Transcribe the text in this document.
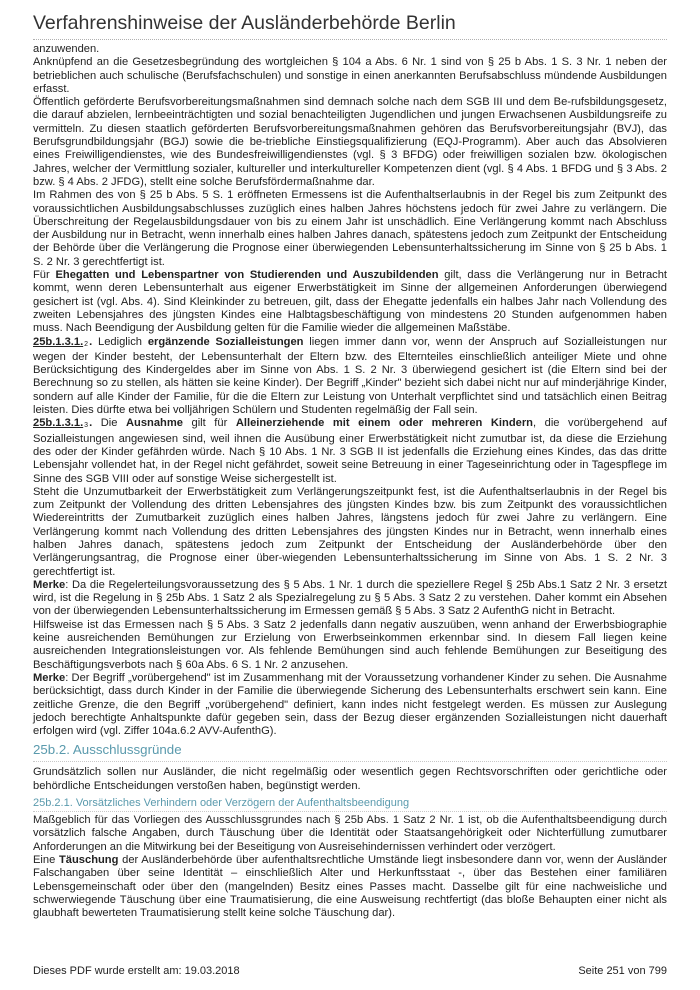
Verfahrenshinweise der Ausländerbehörde Berlin

anzuwenden.

Anknüpfend an die Gesetzesbegründung des wortgleichen § 104 a Abs. 6 Nr. 1 sind von § 25 b Abs. 1 S. 3 Nr. 1 neben der betrieblichen auch schulische (Berufsfachschulen) und sonstige in einen anerkannten Berufsabschluss mündende Ausbildungen erfasst.

Öffentlich geförderte Berufsvorbereitungsmaßnahmen sind demnach solche nach dem SGB III und dem Be-rufsbildungsgesetz, die darauf abzielen, lernbeeinträchtigten und sozial benachteiligten Jugendlichen und jungen Erwachsenen Ausbildungsreife zu vermitteln. Zu diesen staatlich geförderten Berufsvorbereitungsmaßnahmen gehören das Berufsvorbereitungsjahr (BVJ), das Berufsgrundbildungsjahr (BGJ) sowie die be-triebliche Einstiegsqualifizierung (EQJ-Programm). Aber auch das Absolvieren eines Freiwilligendienstes, wie des Bundesfreiwilligendienstes (vgl. § 3 BFDG) oder freiwilligen sozialen bzw. ökologischen Jahres, welcher der Vermittlung sozialer, kultureller und interkultureller Kompetenzen dient (vgl. § 4 Abs. 1 BFDG und § 3 Abs. 2 bzw. § 4 Abs. 2 JFDG), stellt eine solche Berufsfördermaßnahme dar.

Im Rahmen des von § 25 b Abs. 5 S. 1 eröffneten Ermessens ist die Aufenthaltserlaubnis in der Regel bis zum Zeitpunkt des voraussichtlichen Ausbildungsabschlusses zuzüglich eines halben Jahres höchstens jedoch für zwei Jahre zu verlängern. Die Überschreitung der Regelausbildungsdauer von bis zu einem Jahr ist unschädlich. Eine Verlängerung kommt nach Abschluss der Ausbildung nur in Betracht, wenn innerhalb eines halben Jahres danach, spätestens jedoch zum Zeitpunkt der Entscheidung der Behörde über die Verlängerung die Prognose einer überwiegenden Lebensunterhaltssicherung im Sinne von § 25 b Abs. 1 S. 2 Nr. 3 gerechtfertigt ist.

Für Ehegatten und Lebenspartner von Studierenden und Auszubildenden gilt, dass die Verlängerung nur in Betracht kommt, wenn deren Lebensunterhalt aus eigener Erwerbstätigkeit im Sinne der allgemeinen Anforderungen überwiegend gesichert ist (vgl. Abs. 4). Sind Kleinkinder zu betreuen, gilt, dass der Ehegatte jedenfalls ein halbes Jahr nach Vollendung des zweiten Lebensjahres des jüngsten Kindes eine Halbtagsbeschäftigung von mindestens 20 Stunden aufgenommen haben muss. Nach Beendigung der Ausbildung gelten für die Familie wieder die allgemeinen Maßstäbe.

25b.1.3.1.2. Lediglich ergänzende Sozialleistungen liegen immer dann vor, wenn der Anspruch auf Sozialleistungen nur wegen der Kinder besteht, der Lebensunterhalt der Eltern bzw. des Elternteiles einschließlich anteiliger Miete und ohne Berücksichtigung des Kindergeldes aber im Sinne von Abs. 1 S. 2 Nr. 3 überwiegend gesichert ist (die Eltern sind bei der Berechnung so zu stellen, als hätten sie keine Kinder). Der Begriff „Kinder" bezieht sich dabei nicht nur auf minderjährige Kinder, sondern auf alle Kinder der Familie, für die die Eltern zur Leistung von Unterhalt verpflichtet sind und tatsächlich einen Beitrag leisten. Dies dürfte etwa bei volljährigen Schülern und Studenten regelmäßig der Fall sein.

25b.1.3.1.3. Die Ausnahme gilt für Alleinerziehende mit einem oder mehreren Kindern, die vorübergehend auf Sozialleistungen angewiesen sind, weil ihnen die Ausübung einer Erwerbstätigkeit nicht zumutbar ist, da diese die Erziehung des oder der Kinder gefährden würde. Nach § 10 Abs. 1 Nr. 3 SGB II ist jedenfalls die Erziehung eines Kindes, das das dritte Lebensjahr vollendet hat, in der Regel nicht gefährdet, soweit seine Betreuung in einer Tageseinrichtung oder in Tagespflege im Sinne des SGB VIII oder auf sonstige Weise sichergestellt ist.

Steht die Unzumutbarkeit der Erwerbstätigkeit zum Verlängerungszeitpunkt fest, ist die Aufenthaltserlaubnis in der Regel bis zum Zeitpunkt der Vollendung des dritten Lebensjahres des jüngsten Kindes bzw. bis zum Zeitpunkt des voraussichtlichen Wiedereintritts der Zumutbarkeit zuzüglich eines halben Jahres, längstens jedoch für zwei Jahre zu verlängern. Eine Verlängerung kommt nach Vollendung des dritten Lebensjahres des jüngsten Kindes nur in Betracht, wenn innerhalb eines halben Jahres danach, spätestens jedoch zum Zeitpunkt der Entscheidung der Ausländerbehörde über den Verlängerungsantrag, die Prognose einer über-wiegenden Lebensunterhaltssicherung im Sinne von Abs. 1 S. 2 Nr. 3 gerechtfertigt ist.

Merke: Da die Regelerteilungsvoraussetzung des § 5 Abs. 1 Nr. 1 durch die speziellere Regel § 25b Abs.1 Satz 2 Nr. 3 ersetzt wird, ist die Regelung in § 25b Abs. 1 Satz 2 als Spezialregelung zu § 5 Abs. 3 Satz 2 zu verstehen. Daher kommt ein Absehen von der überwiegenden Lebensunterhaltssicherung im Ermessen gemäß § 5 Abs. 3 Satz 2 AufenthG nicht in Betracht.

Hilfsweise ist das Ermessen nach § 5 Abs. 3 Satz 2 jedenfalls dann negativ auszuüben, wenn anhand der Erwerbsbiographie keine ausreichenden Bemühungen zur Erzielung von Erwerbseinkommen erkennbar sind. In diesem Fall liegen keine ausreichenden Integrationsleistungen vor. Als fehlende Bemühungen sind auch fehlende Bemühungen zur Beseitigung des Beschäftigungsverbots nach § 60a Abs. 6 S. 1 Nr. 2 anzusehen.

Merke: Der Begriff „vorübergehend" ist im Zusammenhang mit der Voraussetzung vorhandener Kinder zu sehen. Die Ausnahme berücksichtigt, dass durch Kinder in der Familie die überwiegende Sicherung des Lebensunterhalts erschwert sein kann. Eine zeitliche Grenze, die den Begriff „vorübergehend" definiert, kann indes nicht festgelegt werden. Es müssen zur Auslegung jedoch berechtigte Anhaltspunkte dafür gegeben sein, dass der Bezug dieser ergänzenden Sozialleistungen nicht dauerhaft erfolgen wird (vgl. Ziffer 104a.6.2 AVV-AufenthG).

25b.2. Ausschlussgründe

Grundsätzlich sollen nur Ausländer, die nicht regelmäßig oder wesentlich gegen Rechtsvorschriften oder gerichtliche oder behördliche Entscheidungen verstoßen haben, begünstigt werden.

25b.2.1. Vorsätzliches Verhindern oder Verzögern der Aufenthaltsbeendigung

Maßgeblich für das Vorliegen des Ausschlussgrundes nach § 25b Abs. 1 Satz 2 Nr. 1 ist, ob die Aufenthaltsbeendigung durch vorsätzlich falsche Angaben, durch Täuschung über die Identität oder Staatsangehörigkeit oder Nichterfüllung zumutbarer Anforderungen an die Mitwirkung bei der Beseitigung von Ausreisehindernissen verhindert oder verzögert.

Eine Täuschung der Ausländerbehörde über aufenthaltsrechtliche Umstände liegt insbesondere dann vor, wenn der Ausländer Falschangaben über seine Identität – einschließlich Alter und Herkunftsstaat -, über das Bestehen einer familiären Lebensgemeinschaft oder über den (mangelnden) Besitz eines Passes macht. Dasselbe gilt für eine nachweisliche und schwerwiegende Täuschung über eine Traumatisierung, die eine Ausweisung rechtfertigt (das bloße Behaupten einer nicht als glaubhaft bewerteten Traumatisierung stellt keine solche Täuschung dar).

Dieses PDF wurde erstellt am: 19.03.2018	Seite 251 von 799
